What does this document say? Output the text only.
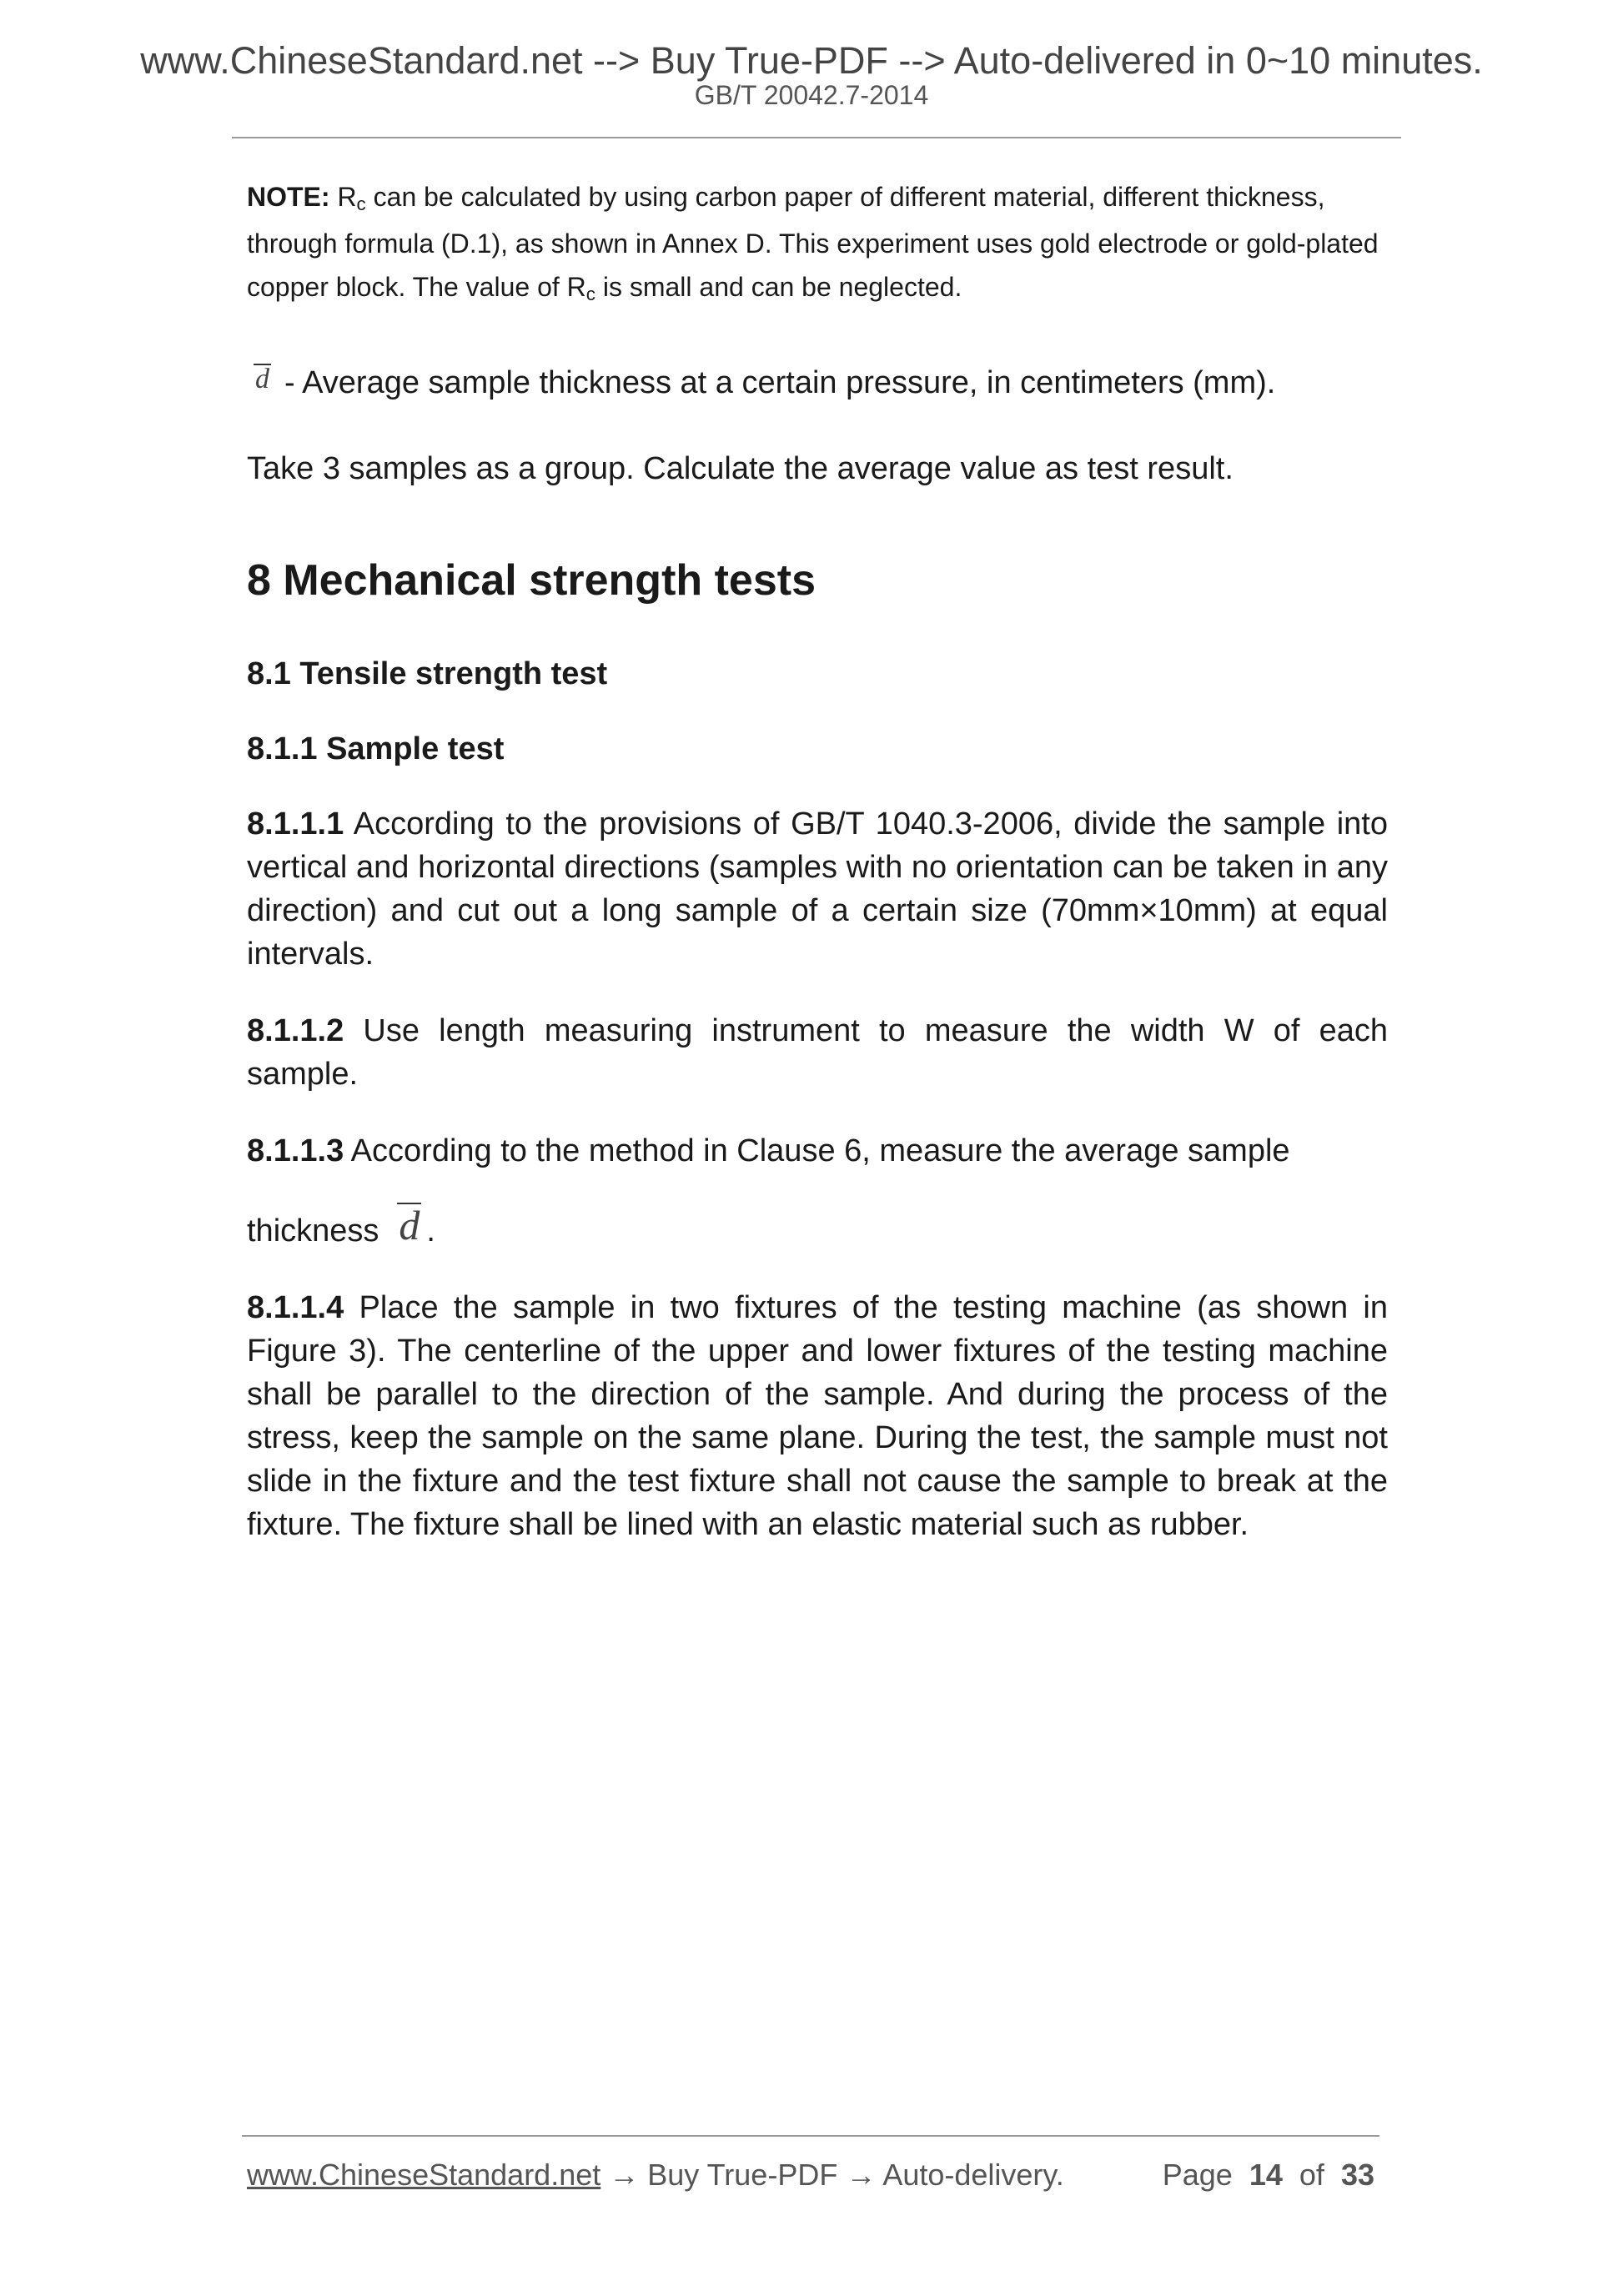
www.ChineseStandard.net --> Buy True-PDF --> Auto-delivered in 0~10 minutes.
GB/T 20042.7-2014

NOTE: Rc can be calculated by using carbon paper of different material, different thickness, through formula (D.1), as shown in Annex D. This experiment uses gold electrode or gold-plated copper block. The value of Rc is small and can be neglected.

d - Average sample thickness at a certain pressure, in centimeters (mm).

Take 3 samples as a group. Calculate the average value as test result.

8 Mechanical strength tests
8.1 Tensile strength test
8.1.1 Sample test

8.1.1.1 According to the provisions of GB/T 1040.3-2006, divide the sample into vertical and horizontal directions (samples with no orientation can be taken in any direction) and cut out a long sample of a certain size (70mm×10mm) at equal intervals.

8.1.1.2 Use length measuring instrument to measure the width W of each sample.

8.1.1.3 According to the method in Clause 6, measure the average sample

thickness d .

8.1.1.4 Place the sample in two fixtures of the testing machine (as shown in Figure 3). The centerline of the upper and lower fixtures of the testing machine shall be parallel to the direction of the sample. And during the process of the stress, keep the sample on the same plane. During the test, the sample must not slide in the fixture and the test fixture shall not cause the sample to break at the fixture. The fixture shall be lined with an elastic material such as rubber.

www.ChineseStandard.net → Buy True-PDF → Auto-delivery.	Page 14 of 33
